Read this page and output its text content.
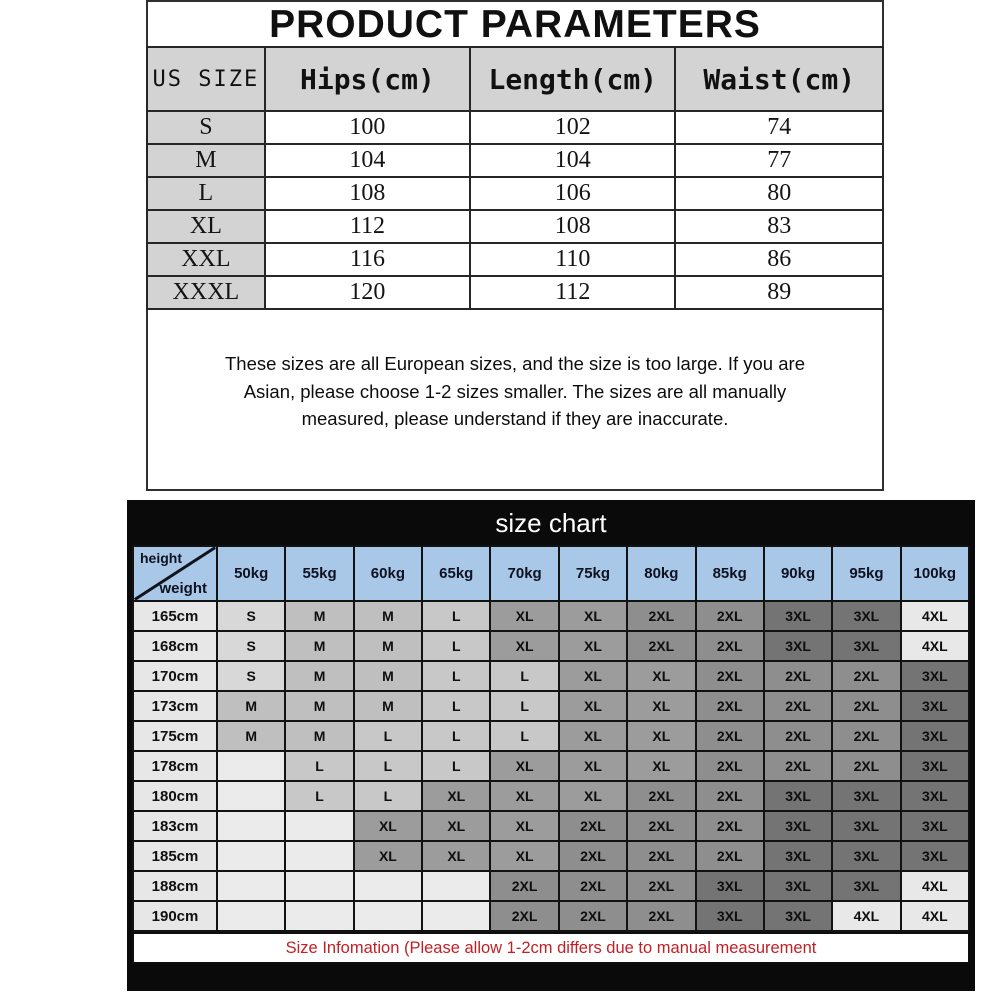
PRODUCT PARAMETERS
US SIZE	Hips(cm)	Length(cm)	Waist(cm)
S	100	102	74
M	104	104	77
L	108	106	80
XL	112	108	83
XXL	116	110	86
XXXL	120	112	89
These sizes are all European sizes, and the size is too large. If you are
Asian, please choose 1-2 sizes smaller. The sizes are all manually
measured, please understand if they are inaccurate.
size chart
height
weight	50kg	55kg	60kg	65kg	70kg	75kg	80kg	85kg	90kg	95kg	100kg
165cm	S	M	M	L	XL	XL	2XL	2XL	3XL	3XL	4XL
168cm	S	M	M	L	XL	XL	2XL	2XL	3XL	3XL	4XL
170cm	S	M	M	L	L	XL	XL	2XL	2XL	2XL	3XL
173cm	M	M	M	L	L	XL	XL	2XL	2XL	2XL	3XL
175cm	M	M	L	L	L	XL	XL	2XL	2XL	2XL	3XL
178cm		L	L	L	XL	XL	XL	2XL	2XL	2XL	3XL
180cm		L	L	XL	XL	XL	2XL	2XL	3XL	3XL	3XL
183cm			XL	XL	XL	2XL	2XL	2XL	3XL	3XL	3XL
185cm			XL	XL	XL	2XL	2XL	2XL	3XL	3XL	3XL
188cm					2XL	2XL	2XL	3XL	3XL	3XL	4XL
190cm					2XL	2XL	2XL	3XL	3XL	4XL	4XL
Size Infomation (Please allow 1-2cm differs due to manual measurement
